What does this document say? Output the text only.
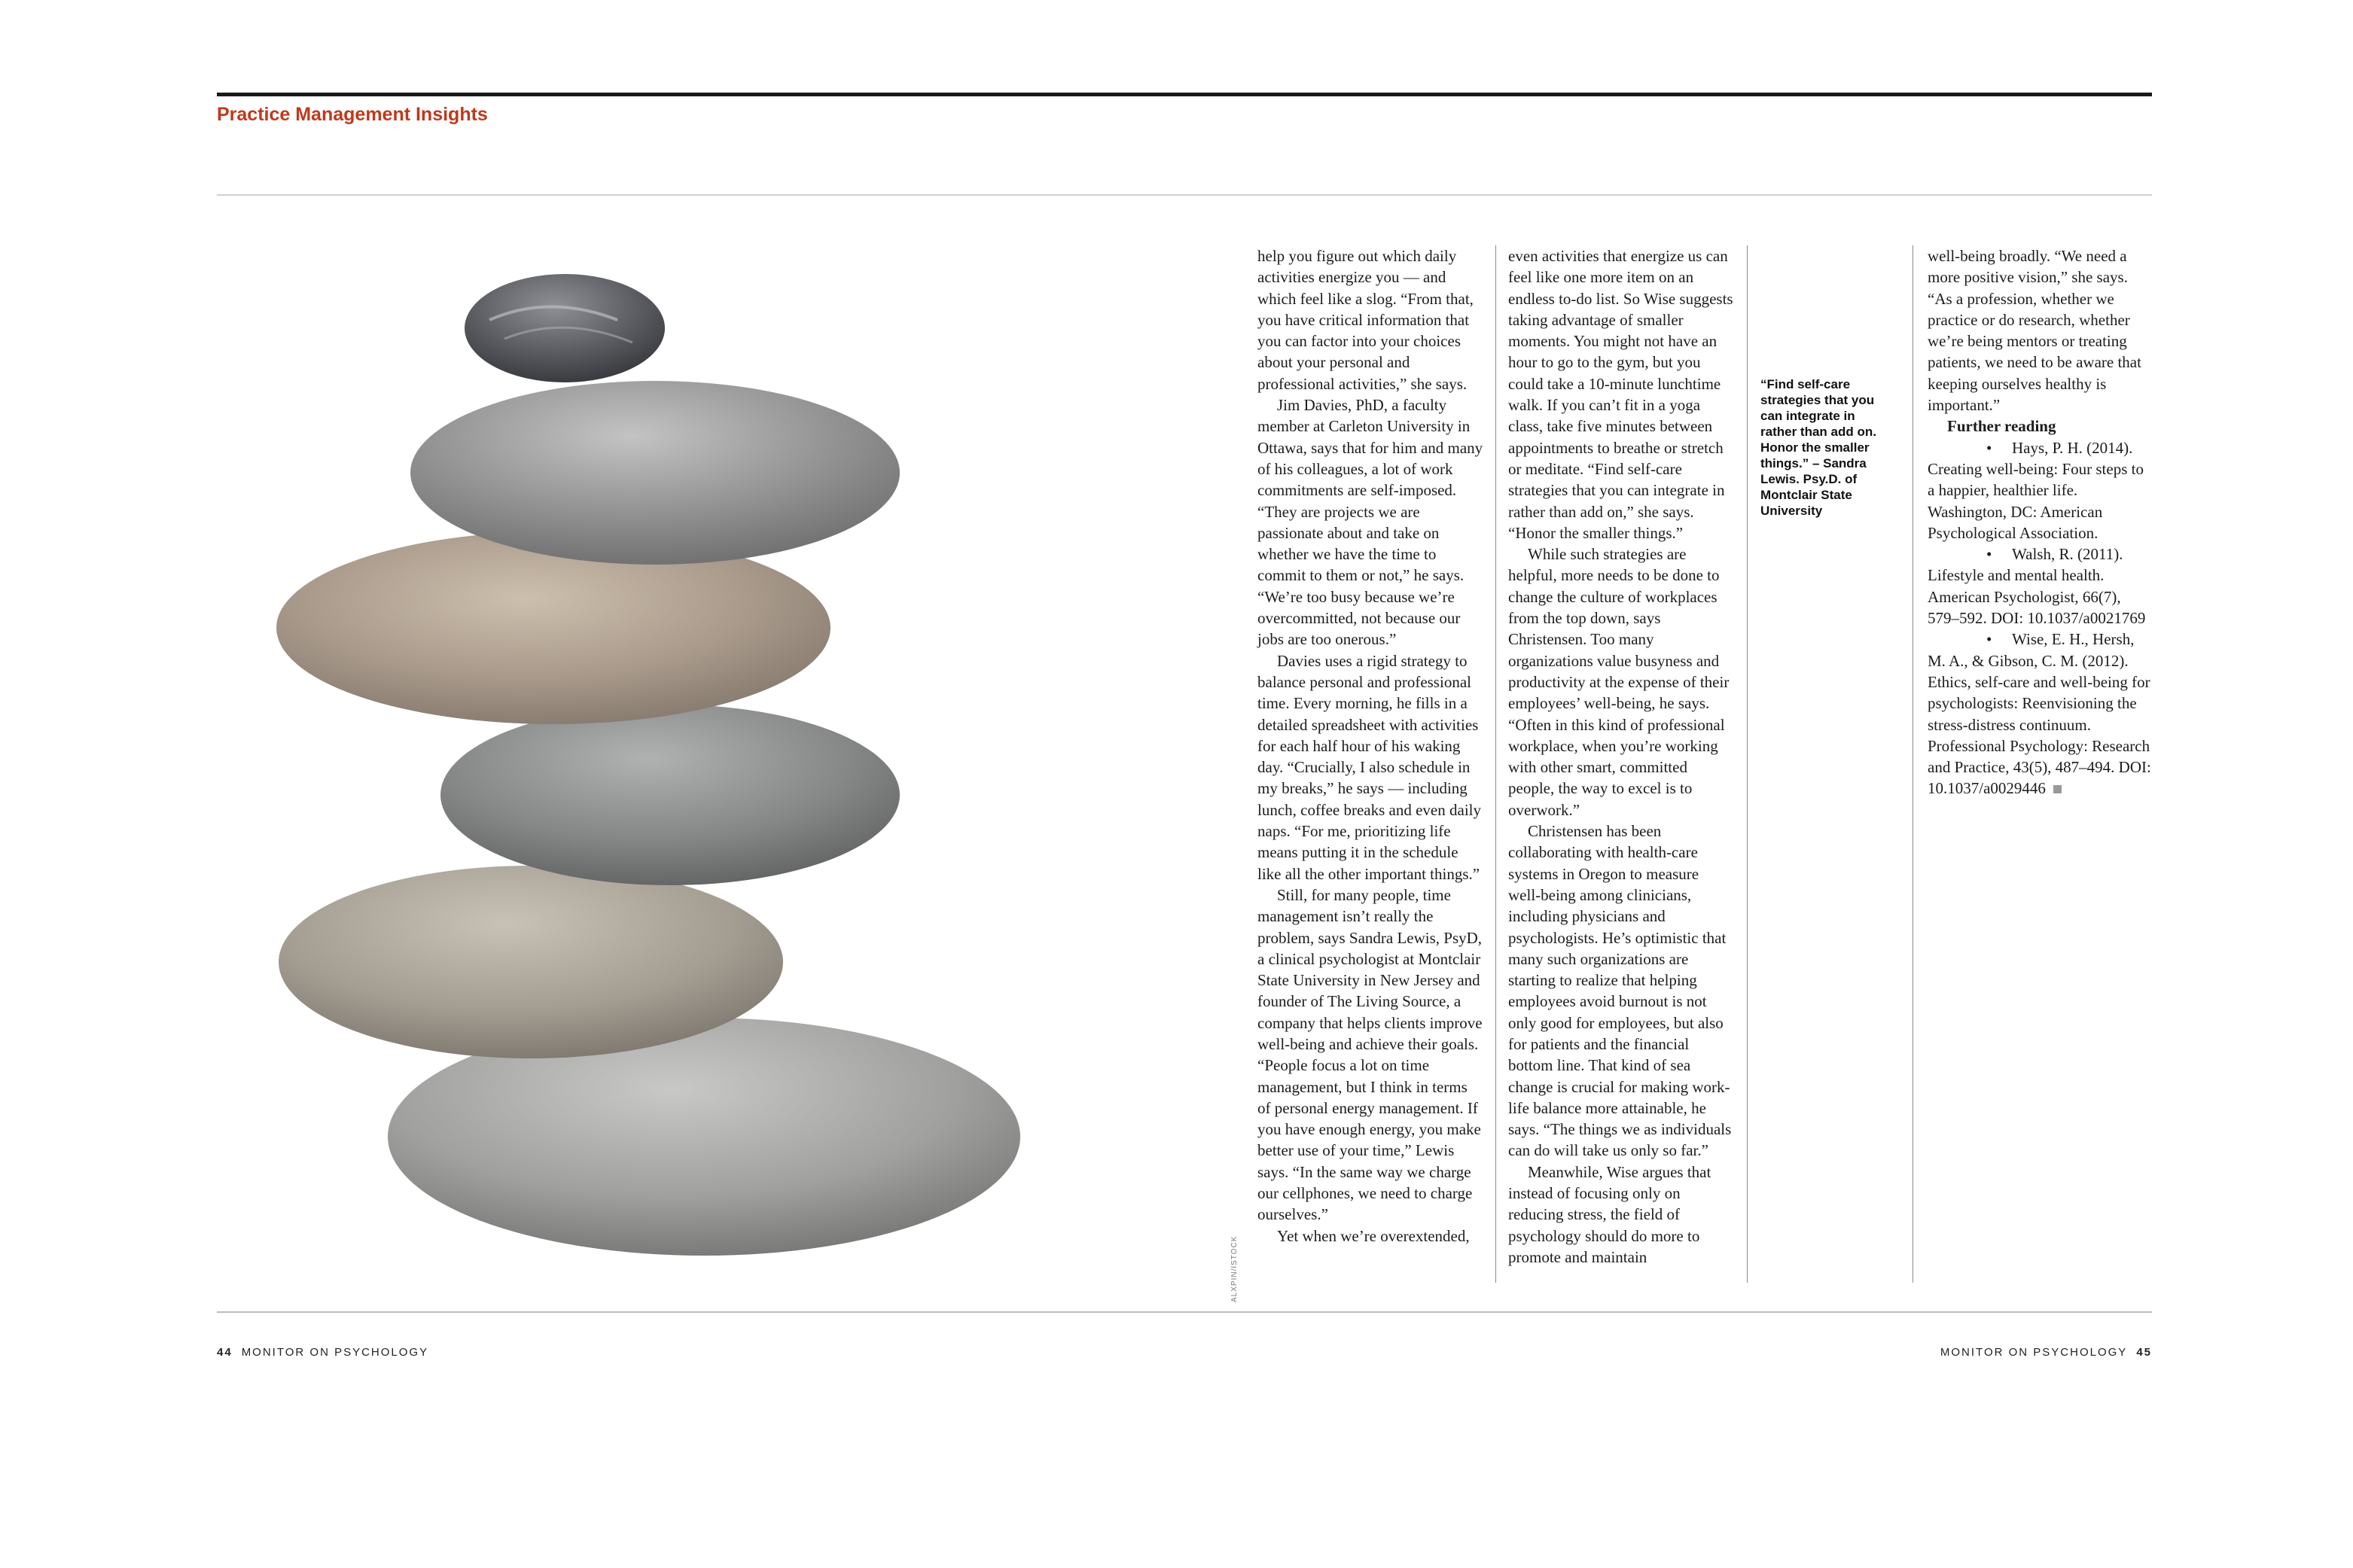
Practice Management Insights
ALXPIN/ISTOCK

help you figure out which daily activities energize you — and which feel like a slog. “From that, you have critical information that you can factor into your choices about your personal and professional activities,” she says.

Jim Davies, PhD, a faculty member at Carleton University in Ottawa, says that for him and many of his colleagues, a lot of work commitments are self-imposed. “They are projects we are passionate about and take on whether we have the time to commit to them or not,” he says. “We’re too busy because we’re overcommitted, not because our jobs are too onerous.”

Davies uses a rigid strategy to balance personal and professional time. Every morning, he fills in a detailed spreadsheet with activities for each half hour of his waking day. “Crucially, I also schedule in my breaks,” he says — including lunch, coffee breaks and even daily naps. “For me, prioritizing life means putting it in the schedule like all the other important things.”

Still, for many people, time management isn’t really the problem, says Sandra Lewis, PsyD, a clinical psychologist at Montclair State University in New Jersey and founder of The Living Source, a company that helps clients improve well-being and achieve their goals. “People focus a lot on time management, but I think in terms of personal energy management. If you have enough energy, you make better use of your time,” Lewis says. “In the same way we charge our cellphones, we need to charge ourselves.”

Yet when we’re overextended,

even activities that energize us can feel like one more item on an endless to-do list. So Wise suggests taking advantage of smaller moments. You might not have an hour to go to the gym, but you could take a 10-minute lunchtime walk. If you can’t fit in a yoga class, take five minutes between appointments to breathe or stretch or meditate. “Find self-care strategies that you can integrate in rather than add on,” she says. “Honor the smaller things.”

While such strategies are helpful, more needs to be done to change the culture of workplaces from the top down, says Christensen. Too many organizations value busyness and productivity at the expense of their employees’ well-being, he says. “Often in this kind of professional workplace, when you’re working with other smart, committed people, the way to excel is to overwork.”

Christensen has been collaborating with health-care systems in Oregon to measure well-being among clinicians, including physicians and psychologists. He’s optimistic that many such organizations are starting to realize that helping employees avoid burnout is not only good for employees, but also for patients and the financial bottom line. That kind of sea change is crucial for making work-life balance more attainable, he says. “The things we as individuals can do will take us only so far.”

Meanwhile, Wise argues that instead of focusing only on reducing stress, the field of psychology should do more to promote and maintain

“Find self-care strategies that you can integrate in rather than add on. Honor the smaller things.” – Sandra Lewis. Psy.D. of Montclair State University

well-being broadly. “We need a more positive vision,” she says. “As a profession, whether we practice or do research, whether we’re being mentors or treating patients, we need to be aware that keeping ourselves healthy is important.”

Further reading

• Hays, P. H. (2014). Creating well-being: Four steps to a happier, healthier life. Washington, DC: American Psychological Association.

• Walsh, R. (2011). Lifestyle and mental health. American Psychologist, 66(7), 579–592. DOI: 10.1037/a0021769

• Wise, E. H., Hersh, M. A., & Gibson, C. M. (2012). Ethics, self-care and well-being for psychologists: Reenvisioning the stress-distress continuum. Professional Psychology: Research and Practice, 43(5), 487–494. DOI: 10.1037/a0029446

44 MONITOR ON PSYCHOLOGY	MONITOR ON PSYCHOLOGY 45
